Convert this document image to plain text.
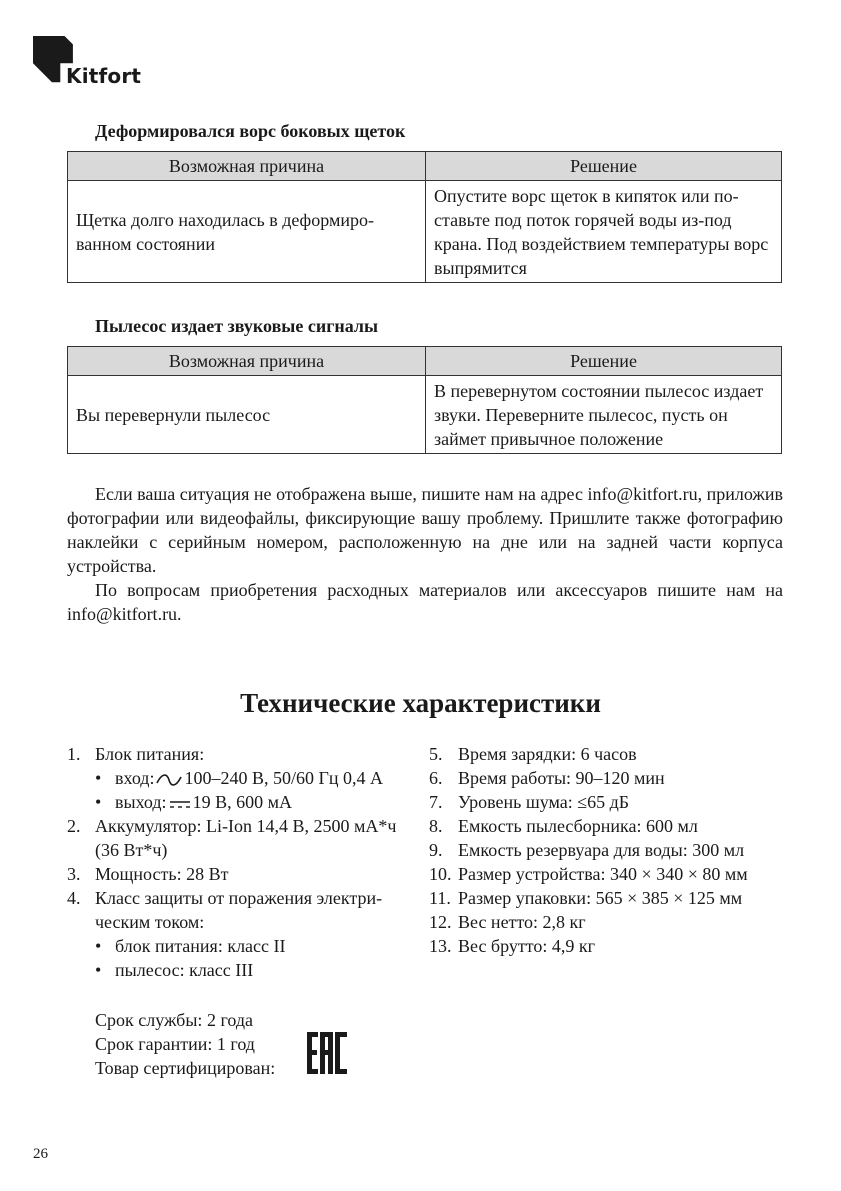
Kitfort
Деформировался ворс боковых щеток
Возможная причина	Решение
Щетка долго находилась в деформиро-ванном состоянии	Опустите ворс щеток в кипяток или по-ставьте под поток горячей воды из-под крана. Под воздействием температуры ворс выпрямится
Пылесос издает звуковые сигналы
Возможная причина	Решение
Вы перевернули пылесос	В перевернутом состоянии пылесос издает звуки. Переверните пылесос, пусть он займет привычное положение

Если ваша ситуация не отображена выше, пишите нам на адрес info@kitfort.ru, приложив фотографии или видеофайлы, фиксирующие вашу проблему. Пришлите также фотографию наклейки с серийным номером, расположенную на дне или на задней части корпуса устройства.

По вопросам приобретения расходных материалов или аксессуаров пишите нам на info@kitfort.ru.

Технические характеристики
1. Блок питания:
• вход: 100–240 В, 50/60 Гц 0,4 А
• выход: 19 В, 600 мА
2. Аккумулятор: Li-Ion 14,4 В, 2500 мА*ч (36 Вт*ч)
3. Мощность: 28 Вт
4. Класс защиты от поражения электри-ческим током:
• блок питания: класс II
• пылесос: класс III
5. Время зарядки: 6 часов
6. Время работы: 90–120 мин
7. Уровень шума: ≤65 дБ
8. Емкость пылесборника: 600 мл
9. Емкость резервуара для воды: 300 мл
10. Размер устройства: 340 × 340 × 80 мм
11. Размер упаковки: 565 × 385 × 125 мм
12. Вес нетто: 2,8 кг
13. Вес брутто: 4,9 кг
Срок службы: 2 года
Срок гарантии: 1 год
Товар сертифицирован:
26
